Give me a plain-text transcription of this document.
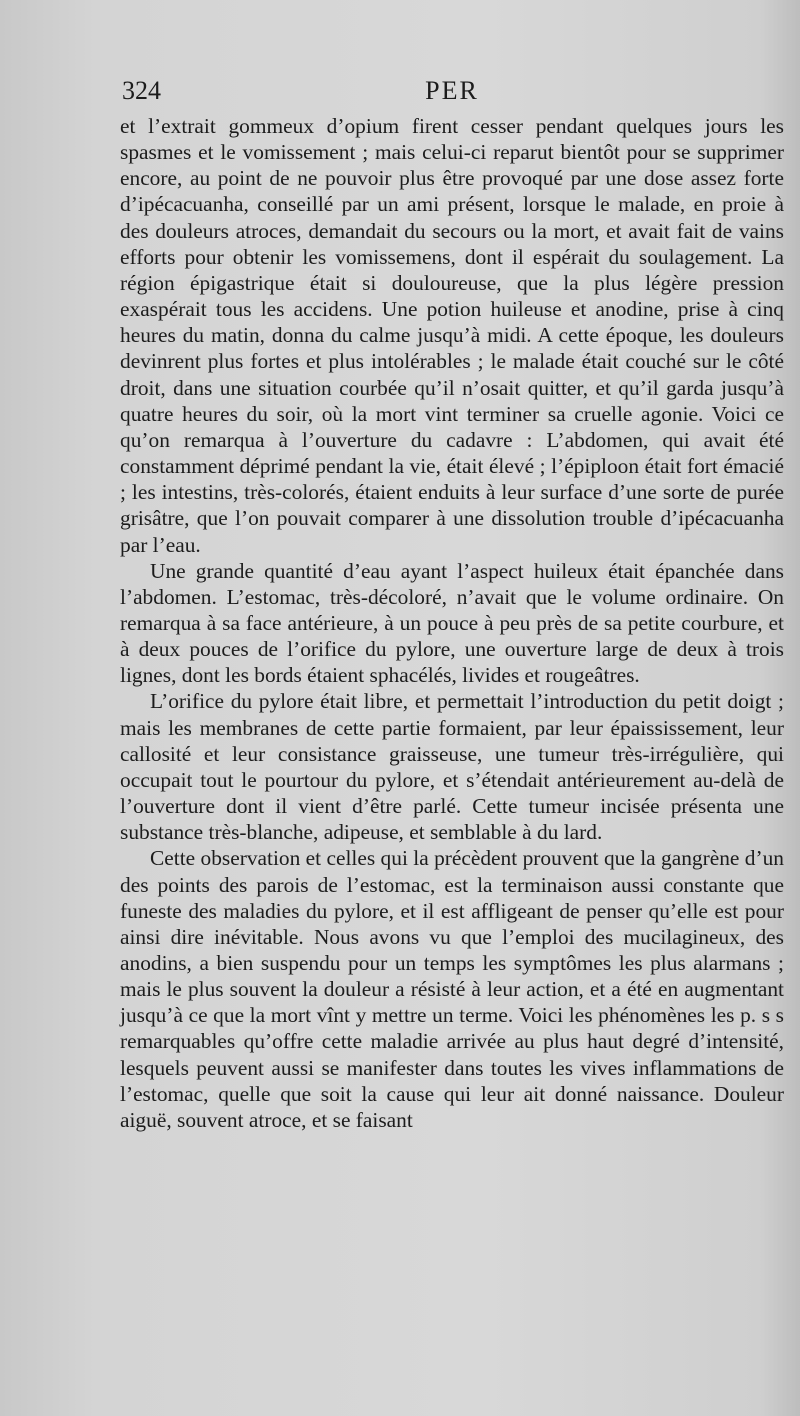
324	PER

et l’extrait gommeux d’opium firent cesser pendant quelques jours les spasmes et le vomissement ; mais celui-ci reparut bientôt pour se supprimer encore, au point de ne pouvoir plus être provoqué par une dose assez forte d’ipécacuanha, conseillé par un ami présent, lorsque le malade, en proie à des douleurs atroces, demandait du secours ou la mort, et avait fait de vains efforts pour obtenir les vomissemens, dont il espérait du soulagement. La région épigastrique était si douloureuse, que la plus légère pression exaspérait tous les accidens. Une potion huileuse et anodine, prise à cinq heures du matin, donna du calme jusqu’à midi. A cette époque, les douleurs devinrent plus fortes et plus intolérables ; le malade était couché sur le côté droit, dans une situation courbée qu’il n’osait quitter, et qu’il garda jusqu’à quatre heures du soir, où la mort vint terminer sa cruelle agonie. Voici ce qu’on remarqua à l’ouverture du cadavre : L’abdomen, qui avait été constamment déprimé pendant la vie, était élevé ; l’épiploon était fort émacié ; les intestins, très-colorés, étaient enduits à leur surface d’une sorte de purée grisâtre, que l’on pouvait comparer à une dissolution trouble d’ipécacuanha par l’eau.

Une grande quantité d’eau ayant l’aspect huileux était épanchée dans l’abdomen. L’estomac, très-décoloré, n’avait que le volume ordinaire. On remarqua à sa face antérieure, à un pouce à peu près de sa petite courbure, et à deux pouces de l’orifice du pylore, une ouverture large de deux à trois lignes, dont les bords étaient sphacélés, livides et rougeâtres.

L’orifice du pylore était libre, et permettait l’introduction du petit doigt ; mais les membranes de cette partie formaient, par leur épaississement, leur callosité et leur consistance graisseuse, une tumeur très-irrégulière, qui occupait tout le pourtour du pylore, et s’étendait antérieurement au-delà de l’ouverture dont il vient d’être parlé. Cette tumeur incisée présenta une substance très-blanche, adipeuse, et semblable à du lard.

Cette observation et celles qui la précèdent prouvent que la gangrène d’un des points des parois de l’estomac, est la terminaison aussi constante que funeste des maladies du pylore, et il est affligeant de penser qu’elle est pour ainsi dire inévitable. Nous avons vu que l’emploi des mucilagineux, des anodins, a bien suspendu pour un temps les symptômes les plus alarmans ; mais le plus souvent la douleur a résisté à leur action, et a été en augmentant jusqu’à ce que la mort vînt y mettre un terme. Voici les phénomènes les p. s s remarquables qu’offre cette maladie arrivée au plus haut degré d’intensité, lesquels peuvent aussi se manifester dans toutes les vives inflammations de l’estomac, quelle que soit la cause qui leur ait donné naissance. Douleur aiguë, souvent atroce, et se faisant
